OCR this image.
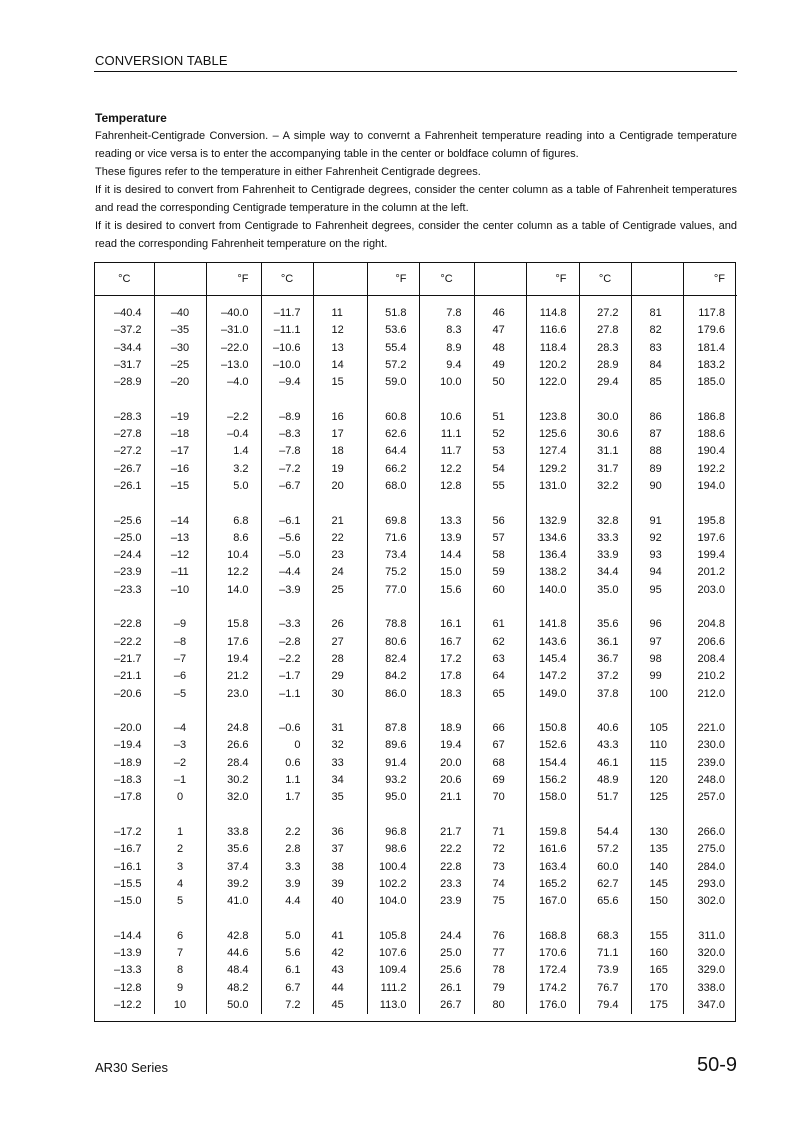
CONVERSION TABLE
Temperature

Fahrenheit-Centigrade Conversion. – A simple way to convernt a Fahrenheit temperature reading into a Centigrade temperature reading or vice versa is to enter the accompanying table in the center or boldface column of figures.

These figures refer to the temperature in either Fahrenheit Centigrade degrees.

If it is desired to convert from Fahrenheit to Centigrade degrees, consider the center column as a table of Fahrenheit temperatures and read the corresponding Centigrade temperature in the column at the left.

If it is desired to convert from Centigrade to Fahrenheit degrees, consider the center column as a table of Centigrade values, and read the corresponding Fahrenheit temperature on the right.

°C		°F	°C		°F	°C		°F	°C		°F

–40.4	–40	–40.0	–11.7	11	51.8	7.8	46	114.8	27.2	81	117.8
–37.2	–35	–31.0	–11.1	12	53.6	8.3	47	116.6	27.8	82	179.6
–34.4	–30	–22.0	–10.6	13	55.4	8.9	48	118.4	28.3	83	181.4
–31.7	–25	–13.0	–10.0	14	57.2	9.4	49	120.2	28.9	84	183.2
–28.9	–20	–4.0	–9.4	15	59.0	10.0	50	122.0	29.4	85	185.0

–28.3	–19	–2.2	–8.9	16	60.8	10.6	51	123.8	30.0	86	186.8
–27.8	–18	–0.4	–8.3	17	62.6	11.1	52	125.6	30.6	87	188.6
–27.2	–17	1.4	–7.8	18	64.4	11.7	53	127.4	31.1	88	190.4
–26.7	–16	3.2	–7.2	19	66.2	12.2	54	129.2	31.7	89	192.2
–26.1	–15	5.0	–6.7	20	68.0	12.8	55	131.0	32.2	90	194.0

–25.6	–14	6.8	–6.1	21	69.8	13.3	56	132.9	32.8	91	195.8
–25.0	–13	8.6	–5.6	22	71.6	13.9	57	134.6	33.3	92	197.6
–24.4	–12	10.4	–5.0	23	73.4	14.4	58	136.4	33.9	93	199.4
–23.9	–11	12.2	–4.4	24	75.2	15.0	59	138.2	34.4	94	201.2
–23.3	–10	14.0	–3.9	25	77.0	15.6	60	140.0	35.0	95	203.0

–22.8	–9	15.8	–3.3	26	78.8	16.1	61	141.8	35.6	96	204.8
–22.2	–8	17.6	–2.8	27	80.6	16.7	62	143.6	36.1	97	206.6
–21.7	–7	19.4	–2.2	28	82.4	17.2	63	145.4	36.7	98	208.4
–21.1	–6	21.2	–1.7	29	84.2	17.8	64	147.2	37.2	99	210.2
–20.6	–5	23.0	–1.1	30	86.0	18.3	65	149.0	37.8	100	212.0

–20.0	–4	24.8	–0.6	31	87.8	18.9	66	150.8	40.6	105	221.0
–19.4	–3	26.6	0	32	89.6	19.4	67	152.6	43.3	110	230.0
–18.9	–2	28.4	0.6	33	91.4	20.0	68	154.4	46.1	115	239.0
–18.3	–1	30.2	1.1	34	93.2	20.6	69	156.2	48.9	120	248.0
–17.8	0	32.0	1.7	35	95.0	21.1	70	158.0	51.7	125	257.0

–17.2	1	33.8	2.2	36	96.8	21.7	71	159.8	54.4	130	266.0
–16.7	2	35.6	2.8	37	98.6	22.2	72	161.6	57.2	135	275.0
–16.1	3	37.4	3.3	38	100.4	22.8	73	163.4	60.0	140	284.0
–15.5	4	39.2	3.9	39	102.2	23.3	74	165.2	62.7	145	293.0
–15.0	5	41.0	4.4	40	104.0	23.9	75	167.0	65.6	150	302.0

–14.4	6	42.8	5.0	41	105.8	24.4	76	168.8	68.3	155	311.0
–13.9	7	44.6	5.6	42	107.6	25.0	77	170.6	71.1	160	320.0
–13.3	8	48.4	6.1	43	109.4	25.6	78	172.4	73.9	165	329.0
–12.8	9	48.2	6.7	44	111.2	26.1	79	174.2	76.7	170	338.0
–12.2	10	50.0	7.2	45	113.0	26.7	80	176.0	79.4	175	347.0
AR30 Series	50-9
